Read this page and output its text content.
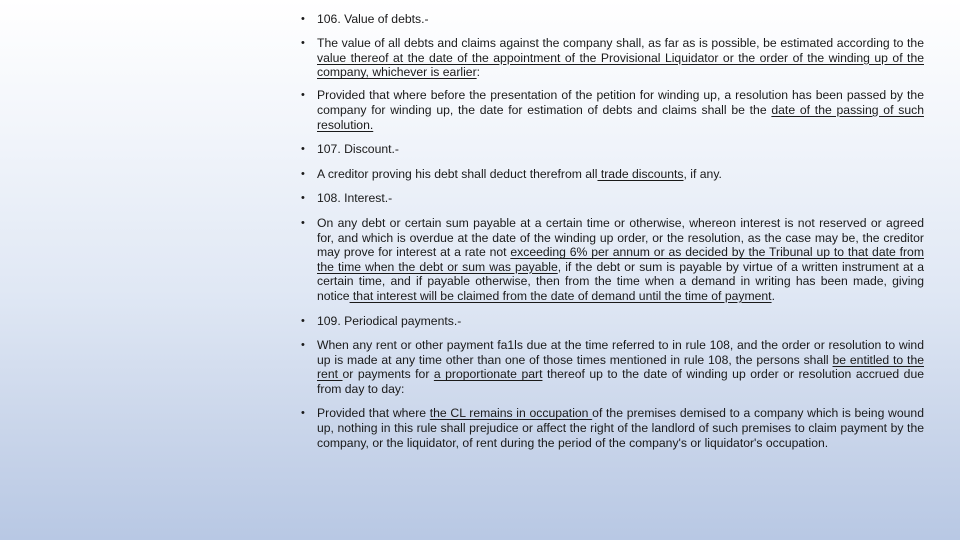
• 106. Value of debts.-
• The value of all debts and claims against the company shall, as far as is possible, be estimated according to the value thereof at the date of the appointment of the Provisional Liquidator or the order of the winding up of the company, whichever is earlier:
• Provided that where before the presentation of the petition for winding up, a resolution has been passed by the company for winding up, the date for estimation of debts and claims shall be the date of the passing of such resolution.
• 107. Discount.-
• A creditor proving his debt shall deduct therefrom all trade discounts, if any.
• 108. Interest.-
• On any debt or certain sum payable at a certain time or otherwise, whereon interest is not reserved or agreed for, and which is overdue at the date of the winding up order, or the resolution, as the case may be, the creditor may prove for interest at a rate not exceeding 6% per annum or as decided by the Tribunal up to that date from the time when the debt or sum was payable, if the debt or sum is payable by virtue of a written instrument at a certain time, and if payable otherwise, then from the time when a demand in writing has been made, giving notice that interest will be claimed from the date of demand until the time of payment.
• 109. Periodical payments.-
• When any rent or other payment fa1ls due at the time referred to in rule 108, and the order or resolution to wind up is made at any time other than one of those times mentioned in rule 108, the persons shall be entitled to the rent or payments for a proportionate part thereof up to the date of winding up order or resolution accrued due from day to day:
• Provided that where the CL remains in occupation of the premises demised to a company which is being wound up, nothing in this rule shall prejudice or affect the right of the landlord of such premises to claim payment by the company, or the liquidator, of rent during the period of the company's or liquidator's occupation.
